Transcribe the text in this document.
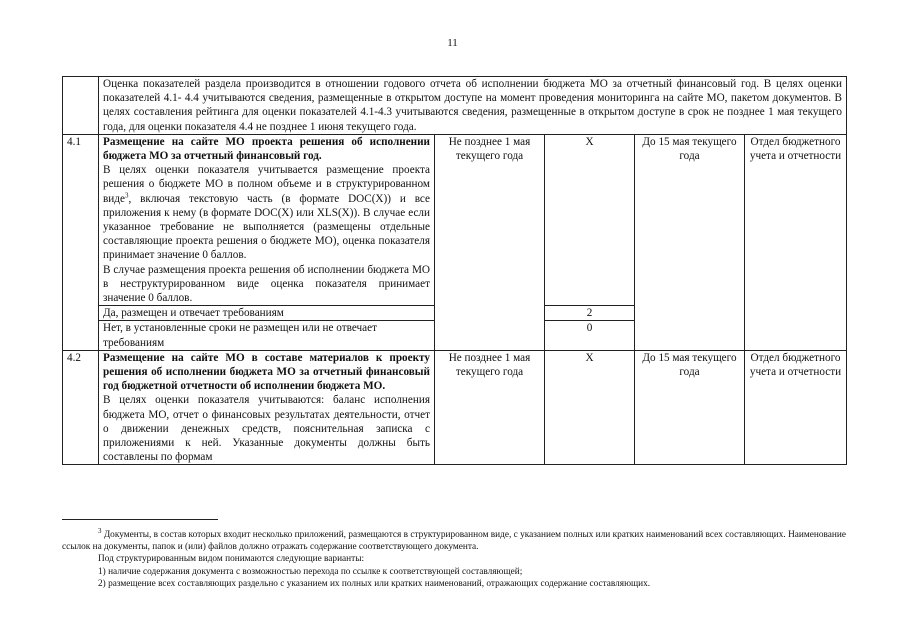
11
	Оценка показателей раздела производится в отношении годового отчета об исполнении бюджета МО за отчетный финансовый год. В целях оценки показателей 4.1- 4.4 учитываются сведения, размещенные в открытом доступе на момент проведения мониторинга на сайте МО, пакетом документов. В целях составления рейтинга для оценки показателей 4.1-4.3 учитываются сведения, размещенные в открытом доступе в срок не позднее 1 мая текущего года, для оценки показателя 4.4 не позднее 1 июня текущего года.				
4.1	Размещение на сайте МО проекта решения об исполнении бюджета МО за отчетный финансовый год.
В целях оценки показателя учитывается размещение проекта решения о бюджете МО в полном объеме и в структурированном виде$^3$, включая текстовую часть (в формате DOC(X)) и все приложения к нему (в формате DOC(X) или XLS(X)). В случае если указанное требование не выполняется (размещены отдельные составляющие проекта решения о бюджете МО), оценка показателя принимает значение 0 баллов.
В случае размещения проекта решения об исполнении бюджета МО в неструктурированном виде оценка показателя принимает значение 0 баллов.	Не позднее 1 мая текущего года	X	До 15 мая текущего года	Отдел бюджетного учета и отчетности
	Да, размещен и отвечает требованиям		2		
	Нет, в установленные сроки не размещен или не отвечает требованиям		0		
4.2	Размещение на сайте МО в составе материалов к проекту решения об исполнении бюджета МО за отчетный финансовый год бюджетной отчетности об исполнении бюджета МО.
В целях оценки показателя учитываются: баланс исполнения бюджета МО, отчет о финансовых результатах деятельности, отчет о движении денежных средств, пояснительная записка с приложениями к ней. Указанные документы должны быть составлены по формам	Не позднее 1 мая текущего года	X	До 15 мая текущего года	Отдел бюджетного учета и отчетности

$^3$ Документы, в состав которых входит несколько приложений, размещаются в структурированном виде, с указанием полных или кратких наименований всех составляющих. Наименование ссылок на документы, папок и (или) файлов должно отражать содержание соответствующего документа.

Под структурированным видом понимаются следующие варианты:

1) наличие содержания документа с возможностью перехода по ссылке к соответствующей составляющей;

2) размещение всех составляющих раздельно с указанием их полных или кратких наименований, отражающих содержание составляющих.
